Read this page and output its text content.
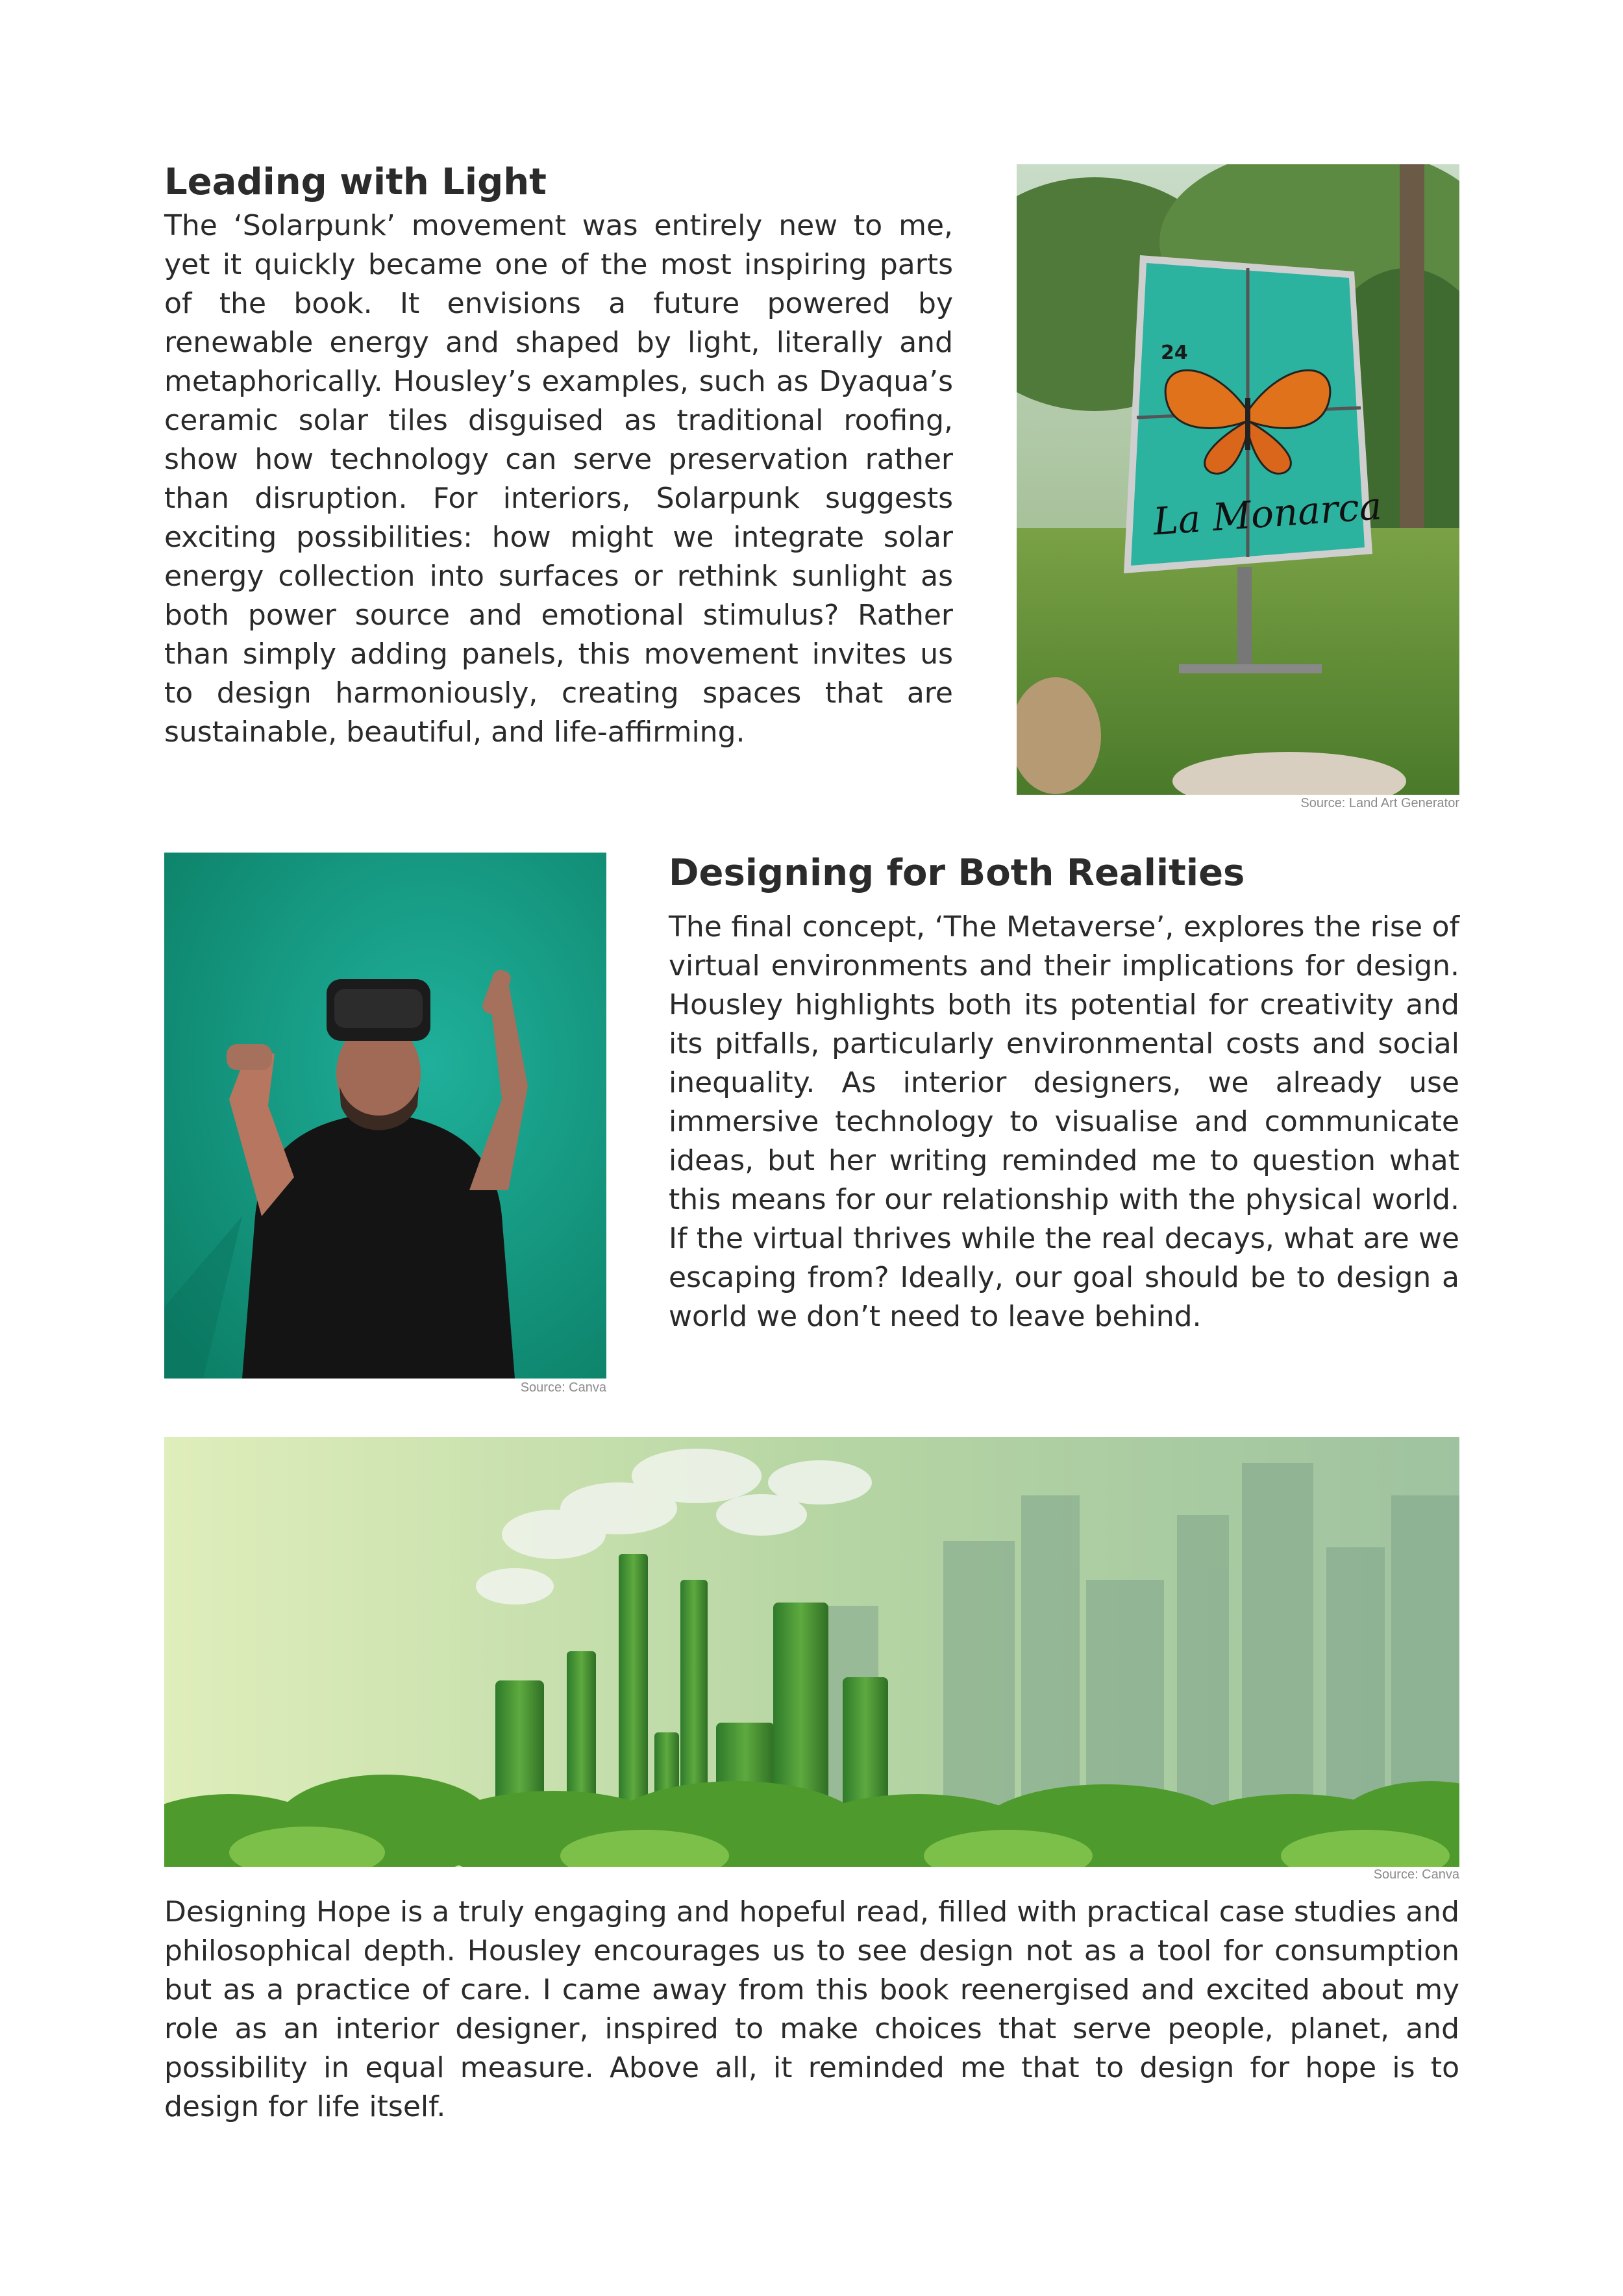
Leading with Light

The ‘Solarpunk’ movement was entirely new to me, yet it quickly became one of the most inspiring parts of the book. It envisions a future powered by renewable energy and shaped by light, literally and metaphorically. Housley’s examples, such as Dyaqua’s ceramic solar tiles disguised as traditional roofing, show how technology can serve preservation rather than disruption. For interiors, Solarpunk suggests exciting possibilities: how might we integrate solar energy collection into surfaces or rethink sunlight as both power source and emotional stimulus? Rather than simply adding panels, this movement invites us to design harmoniously, creating spaces that are sustainable, beautiful, and life-affirming.

24
La Monarca
Source: Land Art Generator
Source: Canva
Designing for Both Realities

The final concept, ‘The Metaverse’, explores the rise of virtual environments and their implications for design. Housley highlights both its potential for creativity and its pitfalls, particularly environmental costs and social inequality. As interior designers, we already use immersive technology to visualise and communicate ideas, but her writing reminded me to question what this means for our relationship with the physical world. If the virtual thrives while the real decays, what are we escaping from? Ideally, our goal should be to design a world we don’t need to leave behind.

Source: Canva

Designing Hope is a truly engaging and hopeful read, filled with practical case studies and philosophical depth. Housley encourages us to see design not as a tool for consumption but as a practice of care. I came away from this book reenergised and excited about my role as an interior designer, inspired to make choices that serve people, planet, and possibility in equal measure. Above all, it reminded me that to design for hope is to design for life itself.
